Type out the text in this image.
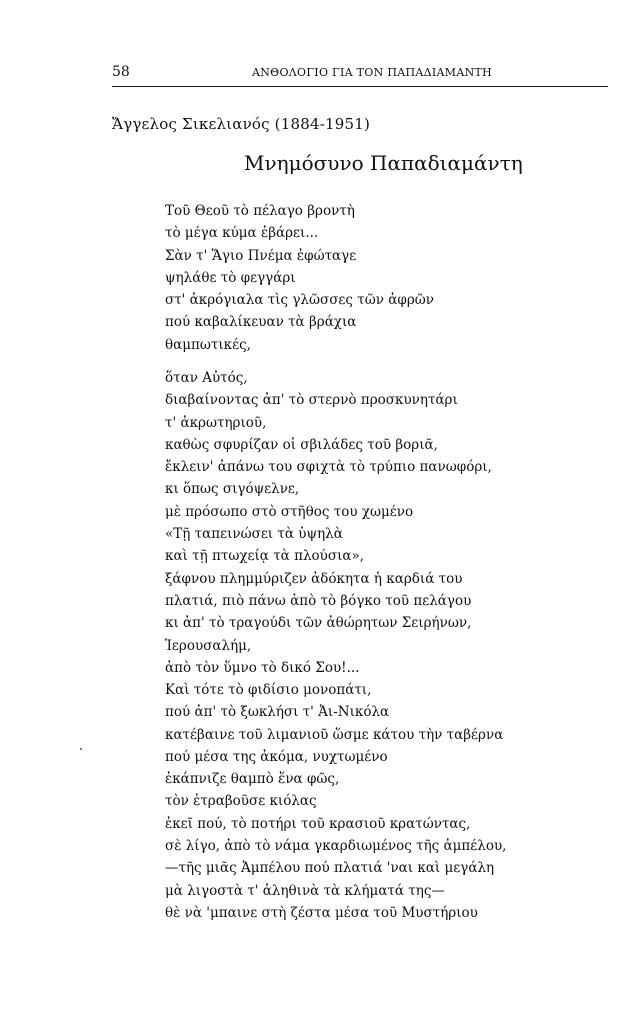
58	ΑΝΘΟΛΟΓΙΟ ΓΙΑ ΤΟΝ ΠΑΠΑΔΙΑΜΑΝΤΗ
Ἄγγελος Σικελιανός (1884-1951)
Μνημόσυνο Παπαδιαμάντη
Τοῦ Θεοῦ τὸ πέλαγο βροντὴ
τὸ μέγα κύμα ἐβάρει...
Σὰν τ' Ἅγιο Πνέμα ἐφώταγε
ψηλάθε τὸ φεγγάρι
στ' ἀκρόγιαλα τὶς γλῶσσες τῶν ἀφρῶν
πού καβαλίκευαν τὰ βράχια
θαμπωτικές,
ὅταν Αὐτός,
διαβαίνοντας ἀπ' τὸ στερνὸ προσκυνητάρι
τ' ἀκρωτηριοῦ,
καθὼς σφυρίζαν οἱ σβιλάδες τοῦ βοριᾶ,
ἔκλειν' ἀπάνω του σφιχτὰ τὸ τρύπιο πανωφόρι,
κι ὅπως σιγόψελνε,
μὲ πρόσωπο στὸ στῆθος του χωμένο
«Τῇ ταπεινώσει τὰ ὑψηλὰ
καὶ τῇ πτωχείᾳ τὰ πλούσια»,
ξάφνου πλημμύριζεν ἀδόκητα ἡ καρδιά του
πλατιά, πιὸ πάνω ἀπὸ τὸ βόγκο τοῦ πελάγου
κι ἀπ' τὸ τραγούδι τῶν ἀθώρητων Σειρήνων,
Ἱερουσαλήμ,
ἀπὸ τὸν ὕμνο τὸ δικό Σου!...
Καὶ τότε τὸ φιδίσιο μονοπάτι,
πού ἀπ' τὸ ξωκλήσι τ' Ἀι-Νικόλα
κατέβαινε τοῦ λιμανιοῦ ὥσμε κάτου τὴν ταβέρνα
πού μέσα της ἀκόμα, νυχτωμένο
ἐκάπνιζε θαμπὸ ἕνα φῶς,
τὸν ἐτραβοῦσε κιόλας
ἐκεῖ πού, τὸ ποτήρι τοῦ κρασιοῦ κρατώντας,
σὲ λίγο, ἀπὸ τὸ νάμα γκαρδιωμένος τῆς ἀμπέλου,
—τῆς μιᾶς Ἀμπέλου πού πλατιά 'ναι καὶ μεγάλη
μὰ λιγοστὰ τ' ἀληθινὰ τὰ κλήματά της—
θὲ νὰ 'μπαινε στὴ ζέστα μέσα τοῦ Μυστήριου
